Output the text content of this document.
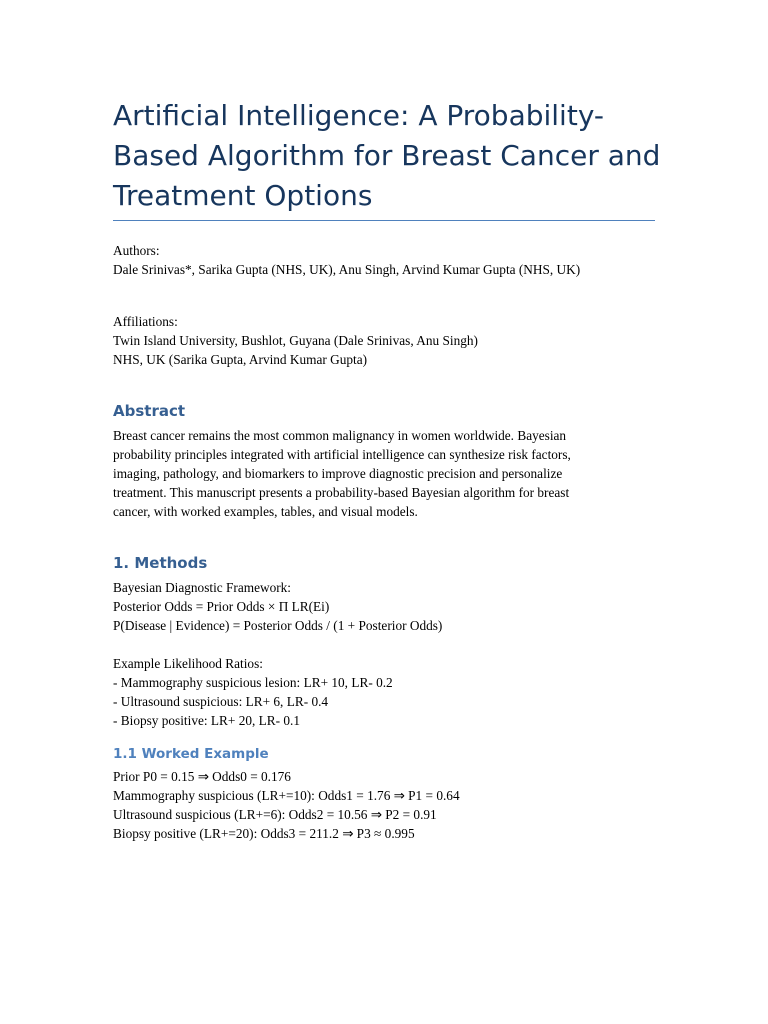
Artificial Intelligence: A Probability-
Based Algorithm for Breast Cancer and
Treatment Options
Authors:
Dale Srinivas*, Sarika Gupta (NHS, UK), Anu Singh, Arvind Kumar Gupta (NHS, UK)
Affiliations:
Twin Island University, Bushlot, Guyana (Dale Srinivas, Anu Singh)
NHS, UK (Sarika Gupta, Arvind Kumar Gupta)
Abstract
Breast cancer remains the most common malignancy in women worldwide. Bayesian
probability principles integrated with artificial intelligence can synthesize risk factors,
imaging, pathology, and biomarkers to improve diagnostic precision and personalize
treatment. This manuscript presents a probability-based Bayesian algorithm for breast
cancer, with worked examples, tables, and visual models.
1. Methods
Bayesian Diagnostic Framework:
Posterior Odds = Prior Odds × Π LR(Ei)
P(Disease | Evidence) = Posterior Odds / (1 + Posterior Odds)
Example Likelihood Ratios:
- Mammography suspicious lesion: LR+ 10, LR- 0.2
- Ultrasound suspicious: LR+ 6, LR- 0.4
- Biopsy positive: LR+ 20, LR- 0.1
1.1 Worked Example
Prior P0 = 0.15 ⇒ Odds0 = 0.176
Mammography suspicious (LR+=10): Odds1 = 1.76 ⇒ P1 = 0.64
Ultrasound suspicious (LR+=6): Odds2 = 10.56 ⇒ P2 = 0.91
Biopsy positive (LR+=20): Odds3 = 211.2 ⇒ P3 ≈ 0.995
